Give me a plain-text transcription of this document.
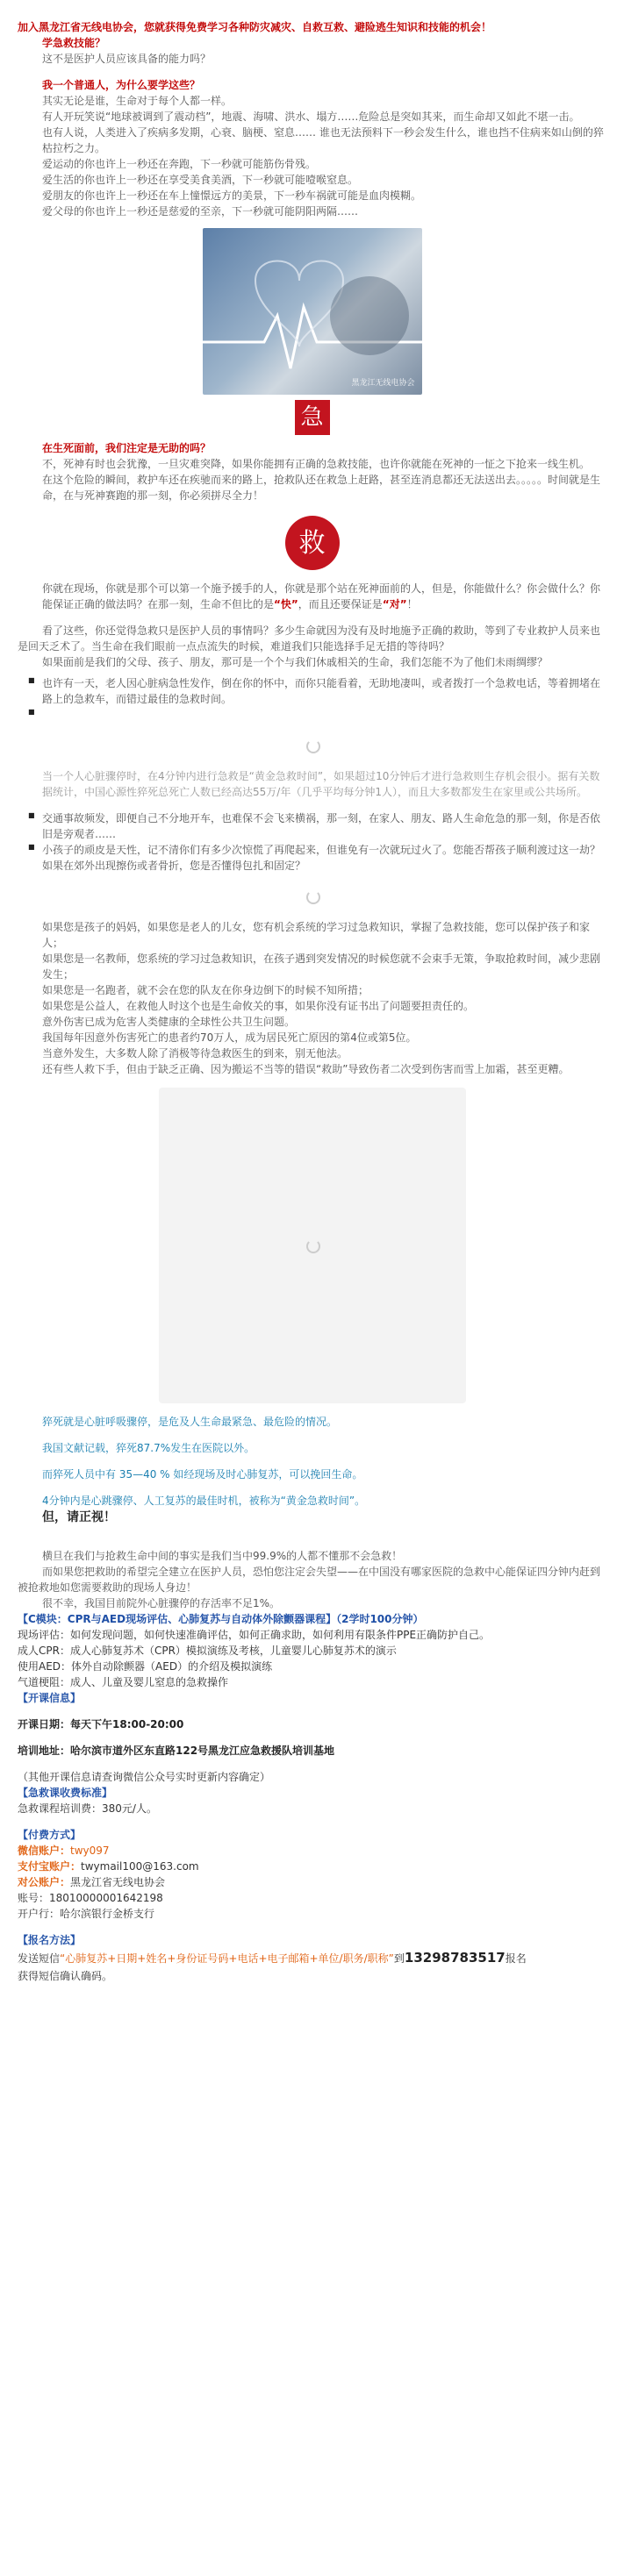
加入黑龙江省无线电协会，您就获得免费学习各种防灾减灾、自救互救、避险逃生知识和技能的机会！

学急救技能？

这不是医护人员应该具备的能力吗？

我一个普通人，为什么要学这些？

其实无论是谁，生命对于每个人都一样。

有人开玩笑说“地球被调到了震动档”，地震、海啸、洪水、塌方……危险总是突如其来，而生命却又如此不堪一击。

也有人说，人类进入了疾病多发期，心衰、脑梗、窒息…… 谁也无法预料下一秒会发生什么，谁也挡不住病来如山倒的猝枯拉朽之力。

爱运动的你也许上一秒还在奔跑，下一秒就可能筋伤骨残。

爱生活的你也许上一秒还在享受美食美酒，下一秒就可能噎喉窒息。

爱朋友的你也许上一秒还在车上憧憬远方的美景，下一秒车祸就可能是血肉模糊。

爱父母的你也许上一秒还是慈爱的至亲，下一秒就可能阴阳两隔……

黑龙江无线电协会
急

在生死面前，我们注定是无助的吗？

不，死神有时也会犹豫，一旦灾难突降，如果你能拥有正确的急救技能，也许你就能在死神的一怔之下抢来一线生机。

在这个危险的瞬间，救护车还在疾驰而来的路上，抢救队还在救急上赶路，甚至连消息都还无法送出去。。。。。时间就是生命，在与死神赛跑的那一刻，你必须拼尽全力！

救

你就在现场，你就是那个可以第一个施予援手的人，你就是那个站在死神面前的人，但是，你能做什么？你会做什么？你能保证正确的做法吗？在那一刻，生命不但比的是“快”，而且还要保证是“对”！

看了这些，你还觉得急救只是医护人员的事情吗？多少生命就因为没有及时地施予正确的救助，等到了专业救护人员来也是回天乏术了。当生命在我们眼前一点点流失的时候，难道我们只能选择手足无措的等待吗？

如果面前是我们的父母、孩子、朋友，那可是一个个与我们休戚相关的生命，我们怎能不为了他们未雨绸缪？

■ 也许有一天，老人因心脏病急性发作，倒在你的怀中，而你只能看着，无助地凄叫，或者拨打一个急救电话，等着拥堵在路上的急救车，而错过最佳的急救时间。
■

当一个人心脏骤停时，在4分钟内进行急救是“黄金急救时间”，如果超过10分钟后才进行急救则生存机会很小。据有关数据统计，中国心源性猝死总死亡人数已经高达55万/年（几乎平均每分钟1人），而且大多数都发生在家里或公共场所。

■ 交通事故频发，即便自己不分地开车，也难保不会飞来横祸，那一刻，在家人、朋友、路人生命危急的那一刻，你是否依旧是旁观者……
■ 小孩子的顽皮是天性，记不清你们有多少次惊慌了再爬起来，但谁免有一次就玩过火了。您能否帮孩子顺利渡过这一劫？如果在郊外出现擦伤或者骨折，您是否懂得包扎和固定？

如果您是孩子的妈妈，如果您是老人的儿女，您有机会系统的学习过急救知识，掌握了急救技能，您可以保护孩子和家人；

如果您是一名教师，您系统的学习过急救知识，在孩子遇到突发情况的时候您就不会束手无策，争取抢救时间，减少悲剧发生；

如果您是一名跑者，就不会在您的队友在你身边倒下的时候不知所措；

如果您是公益人，在救他人时这个也是生命攸关的事，如果你没有证书出了问题要担责任的。

意外伤害已成为危害人类健康的全球性公共卫生问题。

我国每年因意外伤害死亡的患者约70万人，成为居民死亡原因的第4位或第5位。

当意外发生，大多数人除了消极等待急救医生的到来，别无他法。

还有些人救下手，但由于缺乏正确、因为搬运不当等的错误“救助”导致伤者二次受到伤害而雪上加霜，甚至更糟。

猝死就是心脏呼吸骤停，是危及人生命最紧急、最危险的情况。

我国文献记载，猝死87.7%发生在医院以外。

而猝死人员中有 35—40 % 如经现场及时心肺复苏，可以挽回生命。

4分钟内是心跳骤停、人工复苏的最佳时机，被称为“黄金急救时间”。

但，请正视！

横旦在我们与抢救生命中间的事实是我们当中99.9%的人都不懂那不会急救！

而如果您把救助的希望完全建立在医护人员，恐怕您注定会失望——在中国没有哪家医院的急救中心能保证四分钟内赶到被抢救地如您需要救助的现场人身边！

很不幸，我国目前院外心脏骤停的存活率不足1%。

【C模块：CPR与AED现场评估、心肺复苏与自动体外除颤器课程】（2学时100分钟）

现场评估：如何发现问题，如何快速准确评估，如何正确求助，如何利用有限条件PPE正确防护自己。

成人CPR：成人心肺复苏术（CPR）模拟演练及考核，儿童婴儿心肺复苏术的演示

使用AED：体外自动除颤器（AED）的介绍及模拟演练

气道梗阻：成人、儿童及婴儿窒息的急救操作

【开课信息】

开课日期：每天下午18:00-20:00

培训地址：哈尔滨市道外区东直路122号黑龙江应急救援队培训基地

（其他开课信息请查询微信公众号实时更新内容确定）

【急救课收费标准】

急救课程培训费：380元/人。

【付费方式】

微信账户：twy097

支付宝账户：twymail100@163.com

对公账户：黑龙江省无线电协会

账号：18010000001642198

开户行：哈尔滨银行金桥支行

【报名方法】

发送短信“心肺复苏+日期+姓名+身份证号码+电话+电子邮箱+单位/职务/职称”到13298783517报名

获得短信确认确码。
